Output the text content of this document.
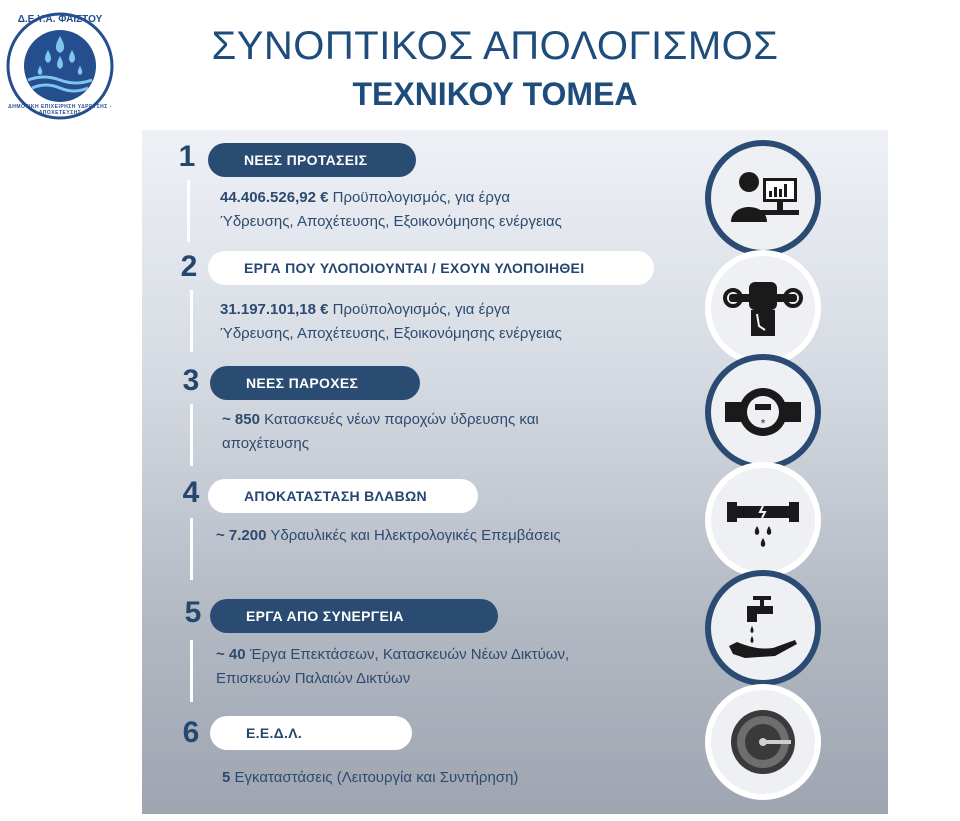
Δ.Ε.Υ.Α. ΦΑΙΣΤΟΥ
ΔΗΜΟΤΙΚΗ ΕΠΙΧΕΙΡΗΣΗ ΥΔΡΕΥΣΗΣ - ΑΠΟΧΕΤΕΥΣΗΣ
ΣΥΝΟΠΤΙΚΟΣ ΑΠΟΛΟΓΙΣΜΟΣ
ΤΕΧΝΙΚΟΥ ΤΟΜΕΑ
1	ΝΕΕΣ ΠΡΟΤΑΣΕΙΣ
44.406.526,92 € Προϋπολογισμός, για έργα
Ύδρευσης, Αποχέτευσης, Εξοικονόμησης ενέργειας
2	ΕΡΓΑ ΠΟΥ ΥΛΟΠΟΙΟΥΝΤΑΙ / ΕΧΟΥΝ ΥΛΟΠΟΙΗΘΕΙ
31.197.101,18 € Προϋπολογισμός, για έργα
Ύδρευσης, Αποχέτευσης, Εξοικονόμησης ενέργειας
3	ΝΕΕΣ ΠΑΡΟΧΕΣ
~ 850 Κατασκευές νέων παροχών ύδρευσης και
αποχέτευσης
4	ΑΠΟΚΑΤΑΣΤΑΣΗ ΒΛΑΒΩΝ
~ 7.200 Υδραυλικές και Ηλεκτρολογικές Επεμβάσεις
5	ΕΡΓΑ ΑΠΟ ΣΥΝΕΡΓΕΙΑ
~ 40 Έργα Επεκτάσεων, Κατασκευών Νέων Δικτύων,
Επισκευών Παλαιών Δικτύων
6	Ε.Ε.Δ.Λ.
5 Εγκαταστάσεις (Λειτουργία και Συντήρηση)
*
